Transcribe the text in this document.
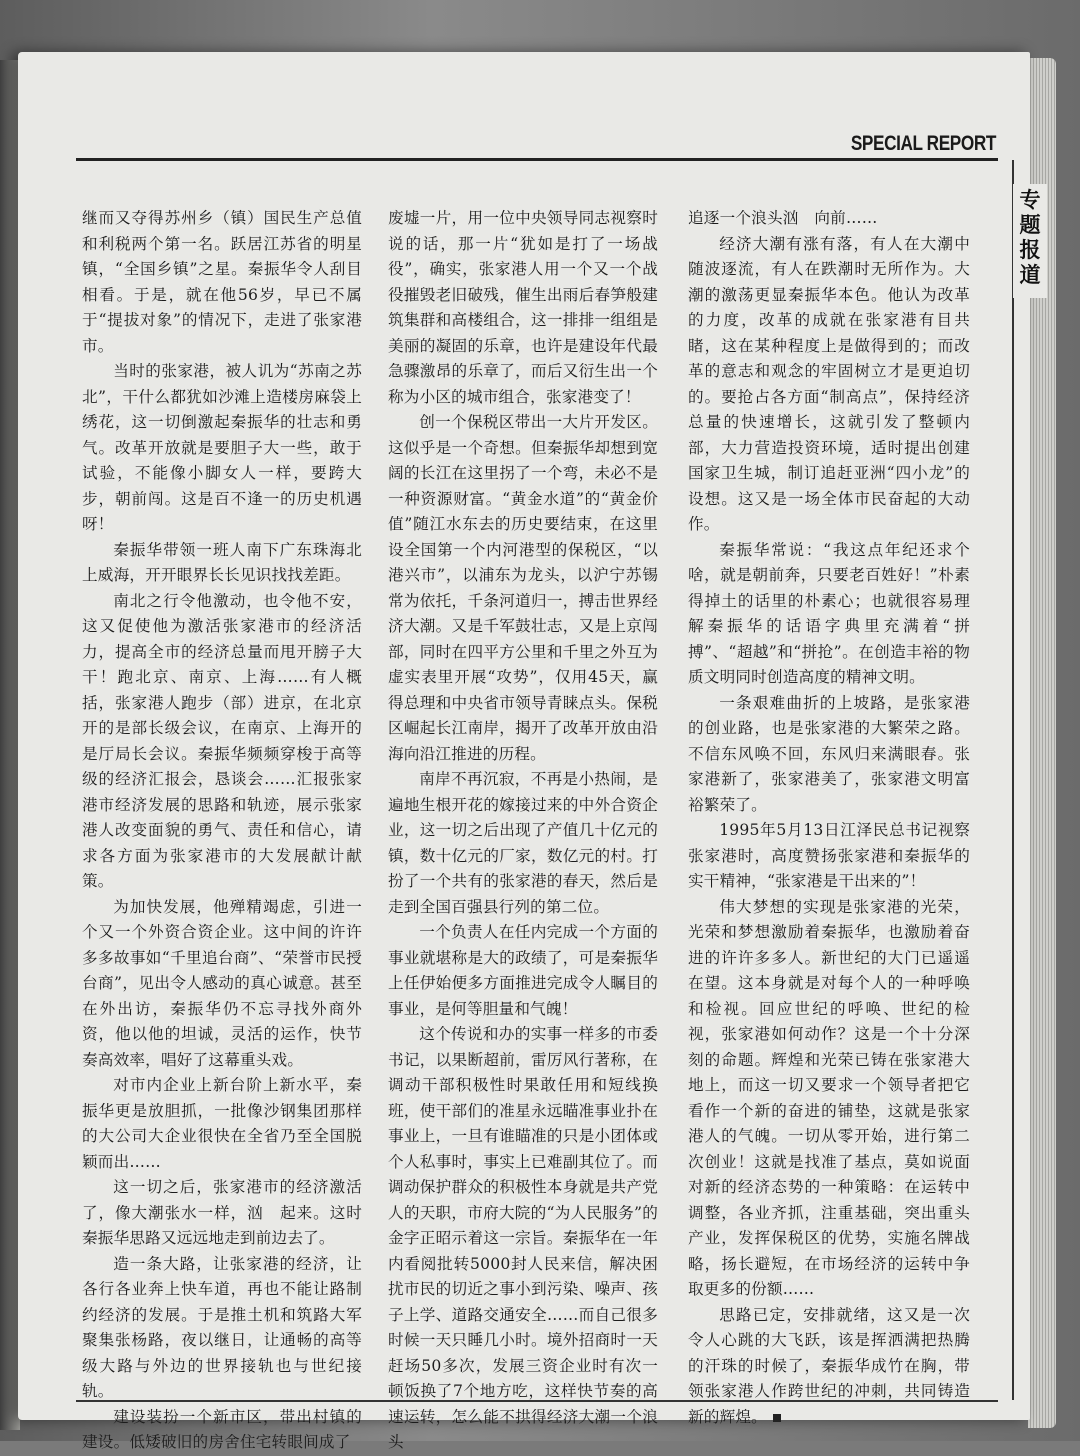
SPECIAL REPORT
专
题
报
道

继而又夺得苏州乡（镇）国民生产总值和利税两个第一名。跃居江苏省的明星镇，“全国乡镇”之星。秦振华令人刮目相看。于是，就在他56岁，早已不属于“提拔对象”的情况下，走进了张家港市。

当时的张家港，被人讥为“苏南之苏北”，干什么都犹如沙滩上造楼房麻袋上绣花，这一切倒激起秦振华的壮志和勇气。改革开放就是要胆子大一些，敢于试验，不能像小脚女人一样，要跨大步，朝前闯。这是百不逢一的历史机遇呀！

秦振华带领一班人南下广东珠海北上威海，开开眼界长长见识找找差距。

南北之行令他激动，也令他不安，这又促使他为激活张家港市的经济活力，提高全市的经济总量而甩开膀子大干！跑北京、南京、上海……有人概括，张家港人跑步（部）进京，在北京开的是部长级会议，在南京、上海开的是厅局长会议。秦振华频频穿梭于高等级的经济汇报会，恳谈会……汇报张家港市经济发展的思路和轨迹，展示张家港人改变面貌的勇气、责任和信心，请求各方面为张家港市的大发展献计献策。

为加快发展，他殚精竭虑，引进一个又一个外资合资企业。这中间的许许多多故事如“千里追台商”、“荣誉市民授台商”，见出令人感动的真心诚意。甚至在外出访，秦振华仍不忘寻找外商外资，他以他的坦诚，灵活的运作，快节奏高效率，唱好了这幕重头戏。

对市内企业上新台阶上新水平，秦振华更是放胆抓，一批像沙钢集团那样的大公司大企业很快在全省乃至全国脱颖而出……

这一切之后，张家港市的经济激活了，像大潮张水一样，汹　起来。这时秦振华思路又远远地走到前边去了。

造一条大路，让张家港的经济，让各行各业奔上快车道，再也不能让路制约经济的发展。于是推土机和筑路大军聚集张杨路，夜以继日，让通畅的高等级大路与外边的世界接轨也与世纪接轨。

建设装扮一个新市区，带出村镇的建设。低矮破旧的房舍住宅转眼间成了

废墟一片，用一位中央领导同志视察时说的话，那一片“犹如是打了一场战役”，确实，张家港人用一个又一个战役摧毁老旧破残，催生出雨后春笋般建筑集群和高楼组合，这一排排一组组是美丽的凝固的乐章，也许是建设年代最急骤激昂的乐章了，而后又衍生出一个称为小区的城市组合，张家港变了！

创一个保税区带出一大片开发区。这似乎是一个奇想。但秦振华却想到宽阔的长江在这里拐了一个弯，未必不是一种资源财富。“黄金水道”的“黄金价值”随江水东去的历史要结束，在这里设全国第一个内河港型的保税区，“以港兴市”，以浦东为龙头，以沪宁苏锡常为依托，千条河道归一，搏击世界经济大潮。又是千军鼓壮志，又是上京闯部，同时在四平方公里和千里之外互为虚实表里开展“攻势”，仅用45天，赢得总理和中央省市领导青睐点头。保税区崛起长江南岸，揭开了改革开放由沿海向沿江推进的历程。

南岸不再沉寂，不再是小热闹，是遍地生根开花的嫁接过来的中外合资企业，这一切之后出现了产值几十亿元的镇，数十亿元的厂家，数亿元的村。打扮了一个共有的张家港的春天，然后是走到全国百强县行列的第二位。

一个负责人在任内完成一个方面的事业就堪称是大的政绩了，可是秦振华上任伊始便多方面推进完成令人瞩目的事业，是何等胆量和气魄！

这个传说和办的实事一样多的市委书记，以果断超前，雷厉风行著称，在调动干部积极性时果敢任用和短线换班，使干部们的准星永远瞄准事业扑在事业上，一旦有谁瞄准的只是小团体或个人私事时，事实上已难副其位了。而调动保护群众的积极性本身就是共产党人的天职，市府大院的“为人民服务”的金字正昭示着这一宗旨。秦振华在一年内看阅批转5000封人民来信，解决困扰市民的切近之事小到污染、噪声、孩子上学、道路交通安全……而自己很多时候一天只睡几小时。境外招商时一天赶场50多次，发展三资企业时有次一顿饭换了7个地方吃，这样快节奏的高速运转，怎么能不拱得经济大潮一个浪头

追逐一个浪头汹　向前……

经济大潮有涨有落，有人在大潮中随波逐流，有人在跌潮时无所作为。大潮的激荡更显秦振华本色。他认为改革的力度，改革的成就在张家港有目共睹，这在某种程度上是做得到的；而改革的意志和观念的牢固树立才是更迫切的。要抢占各方面“制高点”，保持经济总量的快速增长，这就引发了整顿内部，大力营造投资环境，适时提出创建国家卫生城，制订追赶亚洲“四小龙”的设想。这又是一场全体市民奋起的大动作。

秦振华常说：“我这点年纪还求个啥，就是朝前奔，只要老百姓好！”朴素得掉土的话里的朴素心；也就很容易理解秦振华的话语字典里充满着“拼搏”、“超越”和“拼抢”。在创造丰裕的物质文明同时创造高度的精神文明。

一条艰难曲折的上坡路，是张家港的创业路，也是张家港的大繁荣之路。不信东风唤不回，东风归来满眼春。张家港新了，张家港美了，张家港文明富裕繁荣了。

1995年5月13日江泽民总书记视察张家港时，高度赞扬张家港和秦振华的实干精神，“张家港是干出来的”！

伟大梦想的实现是张家港的光荣，光荣和梦想激励着秦振华，也激励着奋进的许许多多人。新世纪的大门已遥遥在望。这本身就是对每个人的一种呼唤和检视。回应世纪的呼唤、世纪的检视，张家港如何动作？这是一个十分深刻的命题。辉煌和光荣已铸在张家港大地上，而这一切又要求一个领导者把它看作一个新的奋进的铺垫，这就是张家港人的气魄。一切从零开始，进行第二次创业！这就是找准了基点，莫如说面对新的经济态势的一种策略：在运转中调整，各业齐抓，注重基础，突出重头产业，发挥保税区的优势，实施名牌战略，扬长避短，在市场经济的运转中争取更多的份额……

思路已定，安排就绪，这又是一次令人心跳的大飞跃，该是挥洒满把热腾的汗珠的时候了，秦振华成竹在胸，带领张家港人作跨世纪的冲刺，共同铸造新的辉煌。
